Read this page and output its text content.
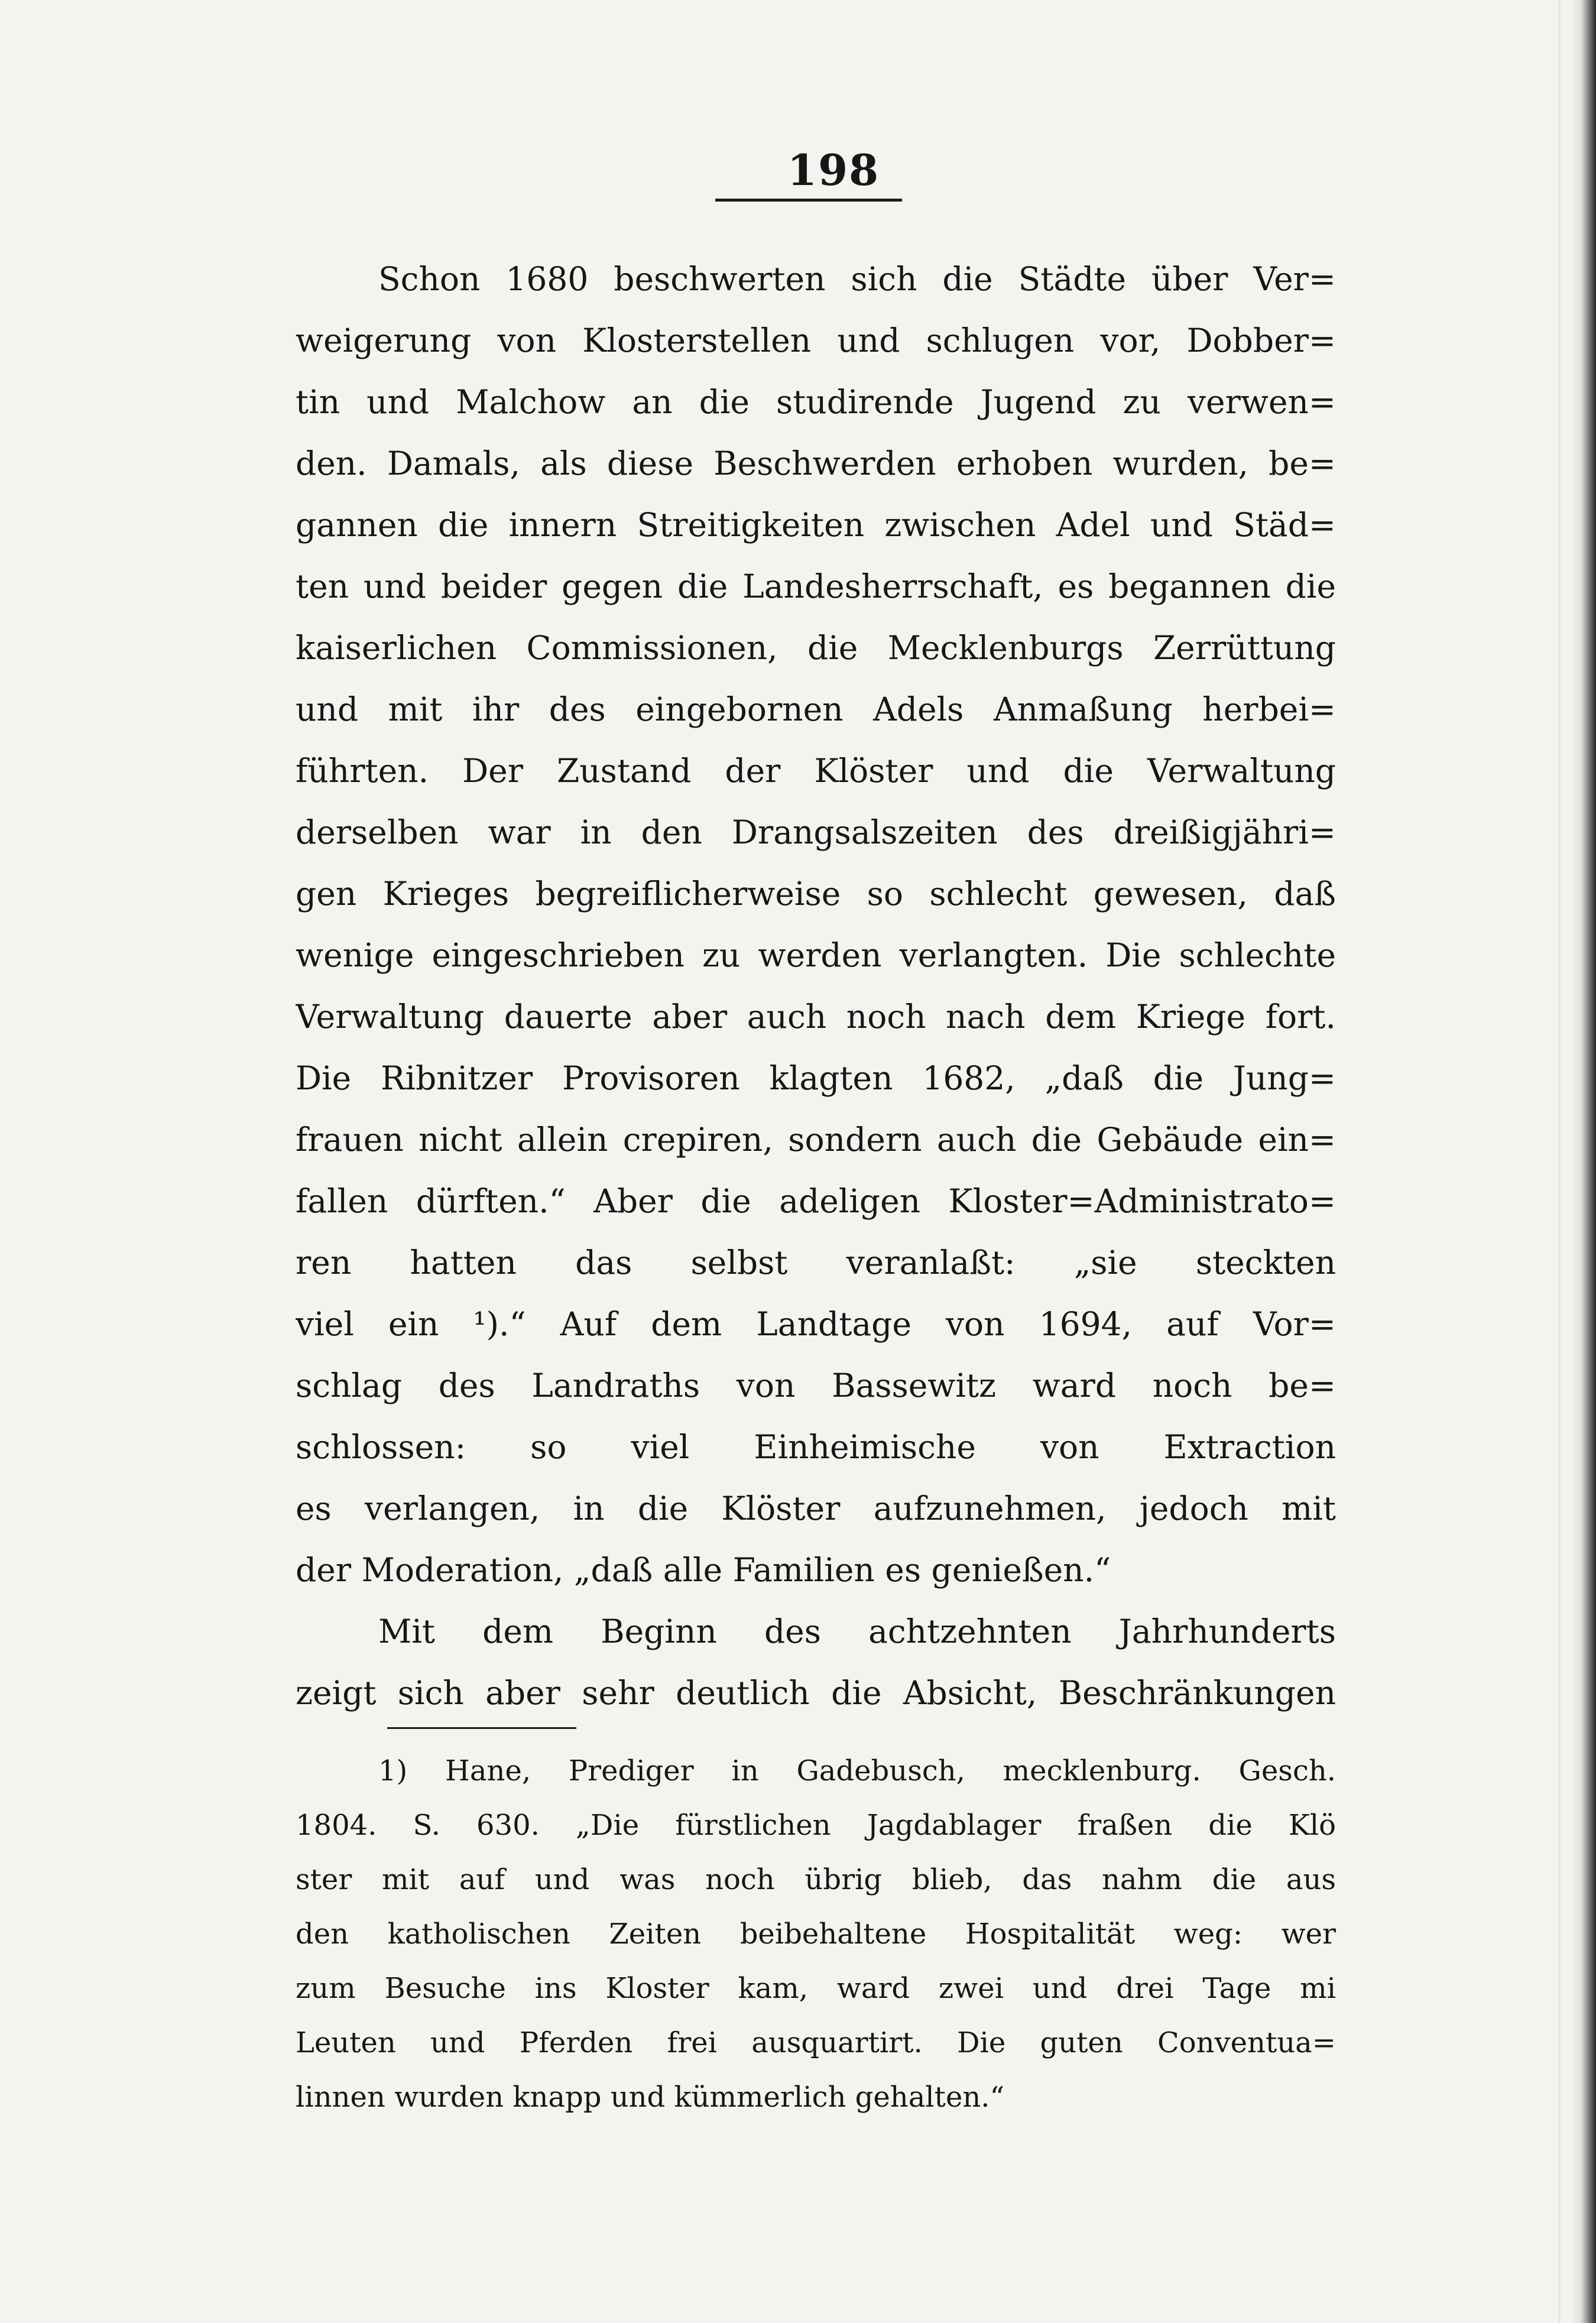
198
Schon 1680 beschwerten sich die Städte über Ver=
weigerung von Klosterstellen und schlugen vor, Dobber=
tin und Malchow an die studirende Jugend zu verwen=
den. Damals, als diese Beschwerden erhoben wurden, be=
gannen die innern Streitigkeiten zwischen Adel und Städ=
ten und beider gegen die Landesherrschaft, es begannen die
kaiserlichen Commissionen, die Mecklenburgs Zerrüttung
und mit ihr des eingebornen Adels Anmaßung herbei=
führten. Der Zustand der Klöster und die Verwaltung
derselben war in den Drangsalszeiten des dreißigjähri=
gen Krieges begreiflicherweise so schlecht gewesen, daß
wenige eingeschrieben zu werden verlangten. Die schlechte
Verwaltung dauerte aber auch noch nach dem Kriege fort.
Die Ribnitzer Provisoren klagten 1682, „daß die Jung=
frauen nicht allein crepiren, sondern auch die Gebäude ein=
fallen dürften.“ Aber die adeligen Kloster=Administrato=
ren hatten das selbst veranlaßt: „sie steckten
viel ein ¹).“ Auf dem Landtage von 1694, auf Vor=
schlag des Landraths von Bassewitz ward noch be=
schlossen: so viel Einheimische von Extraction
es verlangen, in die Klöster aufzunehmen, jedoch mit
der Moderation, „daß alle Familien es genießen.“
Mit dem Beginn des achtzehnten Jahrhunderts
zeigt sich aber sehr deutlich die Absicht, Beschränkungen
1) Hane, Prediger in Gadebusch, mecklenburg. Gesch.
1804. S. 630. „Die fürstlichen Jagdablager fraßen die Klö
ster mit auf und was noch übrig blieb, das nahm die aus
den katholischen Zeiten beibehaltene Hospitalität weg: wer
zum Besuche ins Kloster kam, ward zwei und drei Tage mi
Leuten und Pferden frei ausquartirt. Die guten Conventua=
linnen wurden knapp und kümmerlich gehalten.“
